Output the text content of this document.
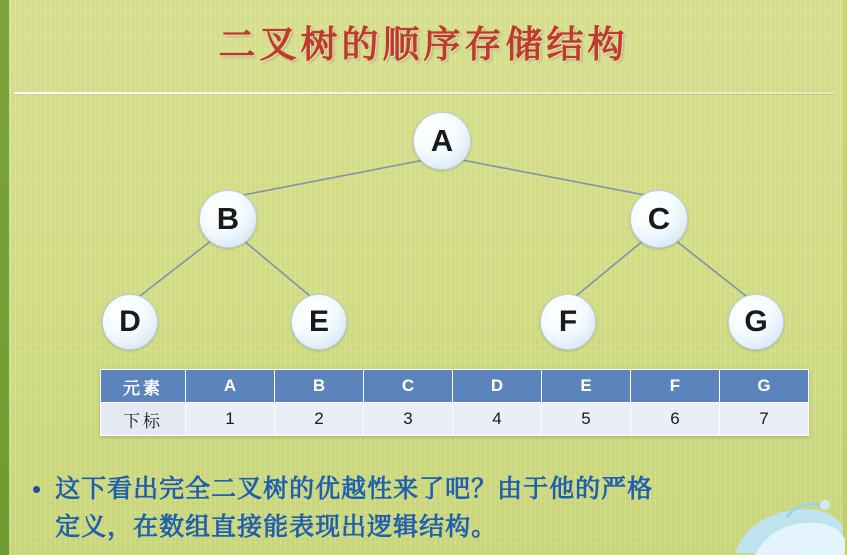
二叉树的顺序存储结构
A
B	C
D	E	F	G
元素	A	B	C	D	E	F	G
下标	1	2	3	4	5	6	7
• 这下看出完全二叉树的优越性来了吧？由于他的严格
定义，在数组直接能表现出逻辑结构。
